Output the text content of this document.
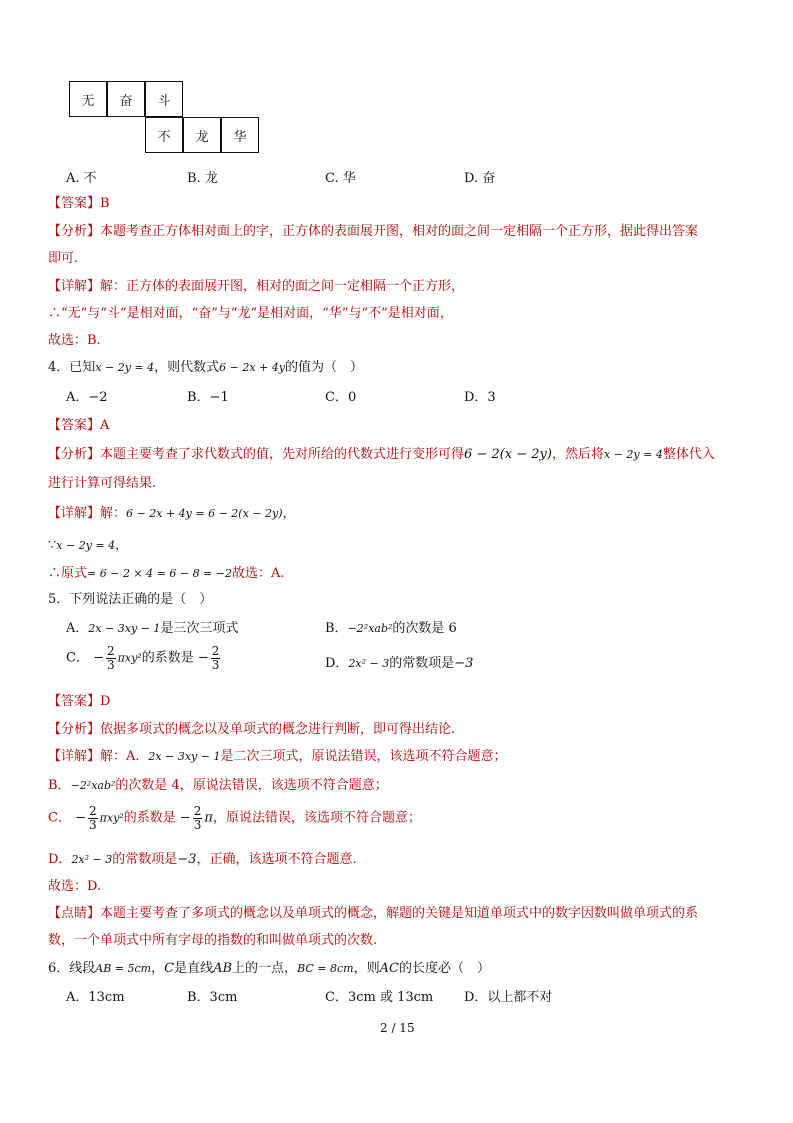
无	奋	斗
不	龙	华
A. 不	B. 龙	C. 华	D. 奋
【答案】B
【分析】本题考查正方体相对面上的字，正方体的表面展开图，相对的面之间一定相隔一个正方形，据此得出答案
即可.
【详解】解：正方体的表面展开图，相对的面之间一定相隔一个正方形，
∴“无”与“斗”是相对面，“奋”与“龙”是相对面，“华”与“不”是相对面，
故选：B.
4．已知x − 2y = 4，则代数式6 − 2x + 4y的值为（　）
A．−2	B．−1	C．0	D．3
【答案】A
【分析】本题主要考查了求代数式的值，先对所给的代数式进行变形可得6 − 2(x − 2y)，然后将x − 2y = 4整体代入
进行计算可得结果.
【详解】解：6 − 2x + 4y = 6 − 2(x − 2y)，
∵x − 2y = 4，
∴原式= 6 − 2 × 4 = 6 − 8 = −2故选：A.
5．下列说法正确的是（　）
A．2x − 3xy − 1是三次三项式	B．−2²xab²的次数是 6
C． − $\frac{2}{3} \pi xy^2$的系数是 − $\frac{2}{3}$	D．2x² − 3的常数项是−3
【答案】D
【分析】依据多项式的概念以及单项式的概念进行判断，即可得出结论.
【详解】解：A．2x − 3xy − 1是二次三项式，原说法错误，该选项不符合题意；
B．−2²xab²的次数是 4，原说法错误，该选项不符合题意；
C． − $\frac{2}{3} \pi xy^2$的系数是 − $\frac{2}{3}$ π，原说法错误，该选项不符合题意；
D．2x² − 3的常数项是−3，正确，该选项不符合题意.
故选：D.
【点睛】本题主要考查了多项式的概念以及单项式的概念，解题的关键是知道单项式中的数字因数叫做单项式的系
数，一个单项式中所有字母的指数的和叫做单项式的次数.
6．线段AB = 5cm，C是直线AB上的一点，BC = 8cm，则AC的长度必（　）
A．13cm	B．3cm	C．3cm 或 13cm D．以上都不对
2 / 15
